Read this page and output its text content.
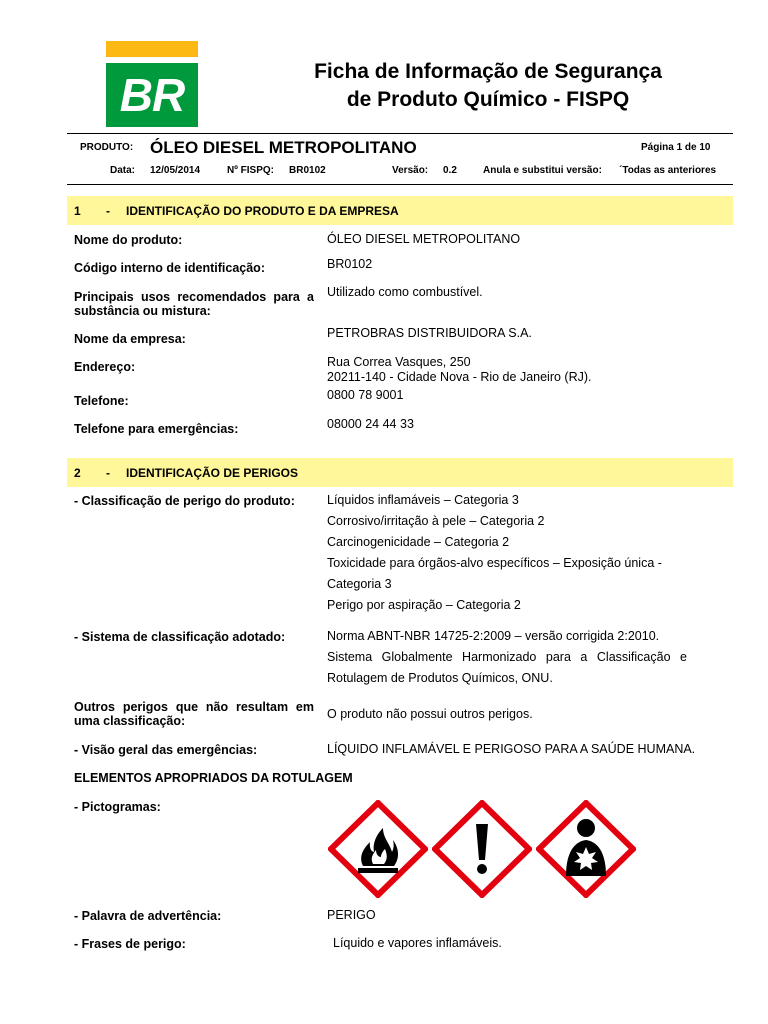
BR	Ficha de Informação de Segurança
de Produto Químico - FISPQ
PRODUTO: ÓLEO DIESEL METROPOLITANO	Página 1 de 10
Data: 12/05/2014	Nº FISPQ: BR0102	Versão: 0.2	Anula e substitui versão: ´Todas as anteriores
1 - IDENTIFICAÇÃO DO PRODUTO E DA EMPRESA
Nome do produto:	ÓLEO DIESEL METROPOLITANO
Código interno de identificação:	BR0102
Principais usos recomendados para a substância ou mistura:
Utilizado como combustível.
Nome da empresa:	PETROBRAS DISTRIBUIDORA S.A.
Endereço:	Rua Correa Vasques, 250
20211-140 - Cidade Nova - Rio de Janeiro (RJ).
Telefone:	0800 78 9001
Telefone para emergências:	08000 24 44 33
2 - IDENTIFICAÇÃO DE PERIGOS
- Classificação de perigo do produto:	Líquidos inflamáveis – Categoria 3
Corrosivo/irritação à pele – Categoria 2
Carcinogenicidade – Categoria 2
Toxicidade para órgãos-alvo específicos – Exposição única -
Categoria 3
Perigo por aspiração – Categoria 2
- Sistema de classificação adotado:	Norma ABNT-NBR 14725-2:2009 – versão corrigida 2:2010.
Sistema Globalmente Harmonizado para a Classificação e
Rotulagem de Produtos Químicos, ONU.
Outros perigos que não resultam em uma classificação:	O produto não possui outros perigos.
- Visão geral das emergências:	LÍQUIDO INFLAMÁVEL E PERIGOSO PARA A SAÚDE HUMANA.
ELEMENTOS APROPRIADOS DA ROTULAGEM
- Pictogramas:
- Palavra de advertência:	PERIGO
- Frases de perigo:	Líquido e vapores inflamáveis.
